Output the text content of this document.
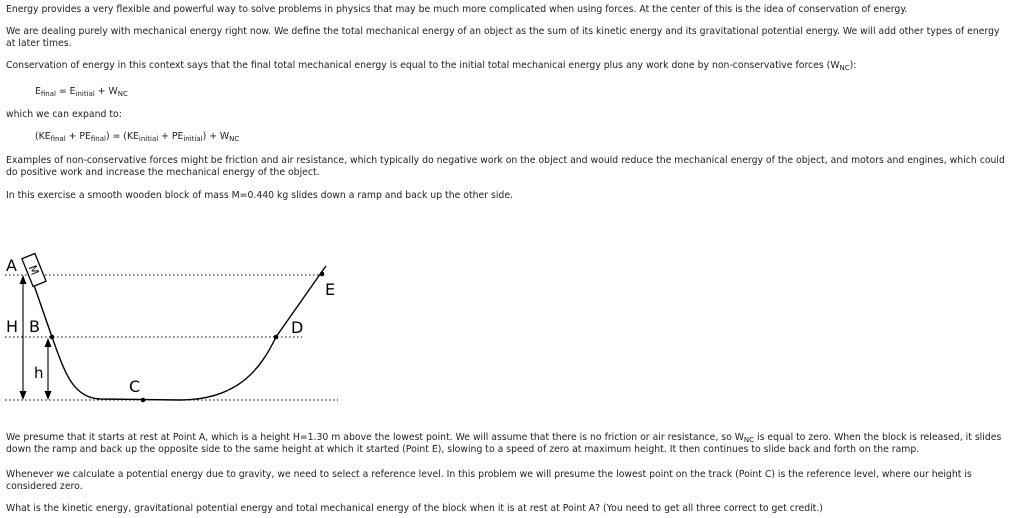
Energy provides a very flexible and powerful way to solve problems in physics that may be much more complicated when using forces. At the center of this is the idea of conservation of energy.

We are dealing purely with mechanical energy right now. We define the total mechanical energy of an object as the sum of its kinetic energy and its gravitational potential energy. We will add other types of energy at later times.

Conservation of energy in this context says that the final total mechanical energy is equal to the initial total mechanical energy plus any work done by non-conservative forces $(W_{NC})$:

$E_{final} = E_{initial} + W_{NC}$

which we can expand to:

$(KE_{final} + PE_{final}) = (KE_{initial} + PE_{initial}) + W_{NC}$

Examples of non-conservative forces might be friction and air resistance, which typically do negative work on the object and would reduce the mechanical energy of the object, and motors and engines, which could do positive work and increase the mechanical energy of the object.

In this exercise a smooth wooden block of mass M=0.440 kg slides down a ramp and back up the other side.

M
A
H B
h
C
D
E

We presume that it starts at rest at Point A, which is a height H=1.30 m above the lowest point. We will assume that there is no friction or air resistance, so $W_{NC}$ is equal to zero. When the block is released, it slides down the ramp and back up the opposite side to the same height at which it started (Point E), slowing to a speed of zero at maximum height. It then continues to slide back and forth on the ramp.

Whenever we calculate a potential energy due to gravity, we need to select a reference level. In this problem we will presume the lowest point on the track (Point C) is the reference level, where our height is considered zero.

What is the kinetic energy, gravitational potential energy and total mechanical energy of the block when it is at rest at Point A? (You need to get all three correct to get credit.)
